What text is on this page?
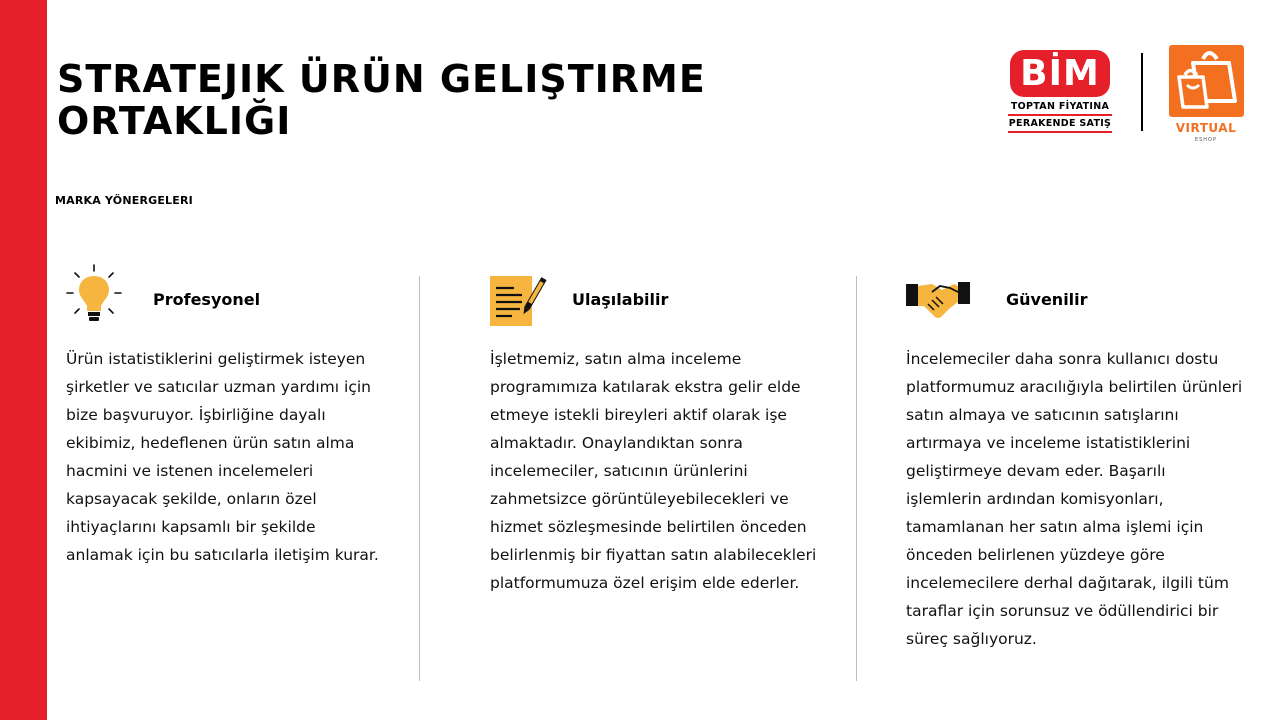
STRATEJIK ÜRÜN GELIŞTIRME
ORTAKLIĞI
MARKA YÖNERGELERI
BİM
TOPTAN FİYATINA
PERAKENDE SATIŞ	VIRTUAL
ESHOP
Profesyonel

Ürün istatistiklerini geliştirmek isteyen şirketler ve satıcılar uzman yardımı için bize başvuruyor. İşbirliğine dayalı ekibimiz, hedeflenen ürün satın alma hacmini ve istenen incelemeleri kapsayacak şekilde, onların özel ihtiyaçlarını kapsamlı bir şekilde anlamak için bu satıcılarla iletişim kurar.

Ulaşılabilir

İşletmemiz, satın alma inceleme programımıza katılarak ekstra gelir elde etmeye istekli bireyleri aktif olarak işe almaktadır. Onaylandıktan sonra incelemeciler, satıcının ürünlerini zahmetsizce görüntüleyebilecekleri ve hizmet sözleşmesinde belirtilen önceden belirlenmiş bir fiyattan satın alabilecekleri platformumuza özel erişim elde ederler.

Güvenilir

İncelemeciler daha sonra kullanıcı dostu platformumuz aracılığıyla belirtilen ürünleri satın almaya ve satıcının satışlarını artırmaya ve inceleme istatistiklerini geliştirmeye devam eder. Başarılı işlemlerin ardından komisyonları, tamamlanan her satın alma işlemi için önceden belirlenen yüzdeye göre incelemecilere derhal dağıtarak, ilgili tüm taraflar için sorunsuz ve ödüllendirici bir süreç sağlıyoruz.
